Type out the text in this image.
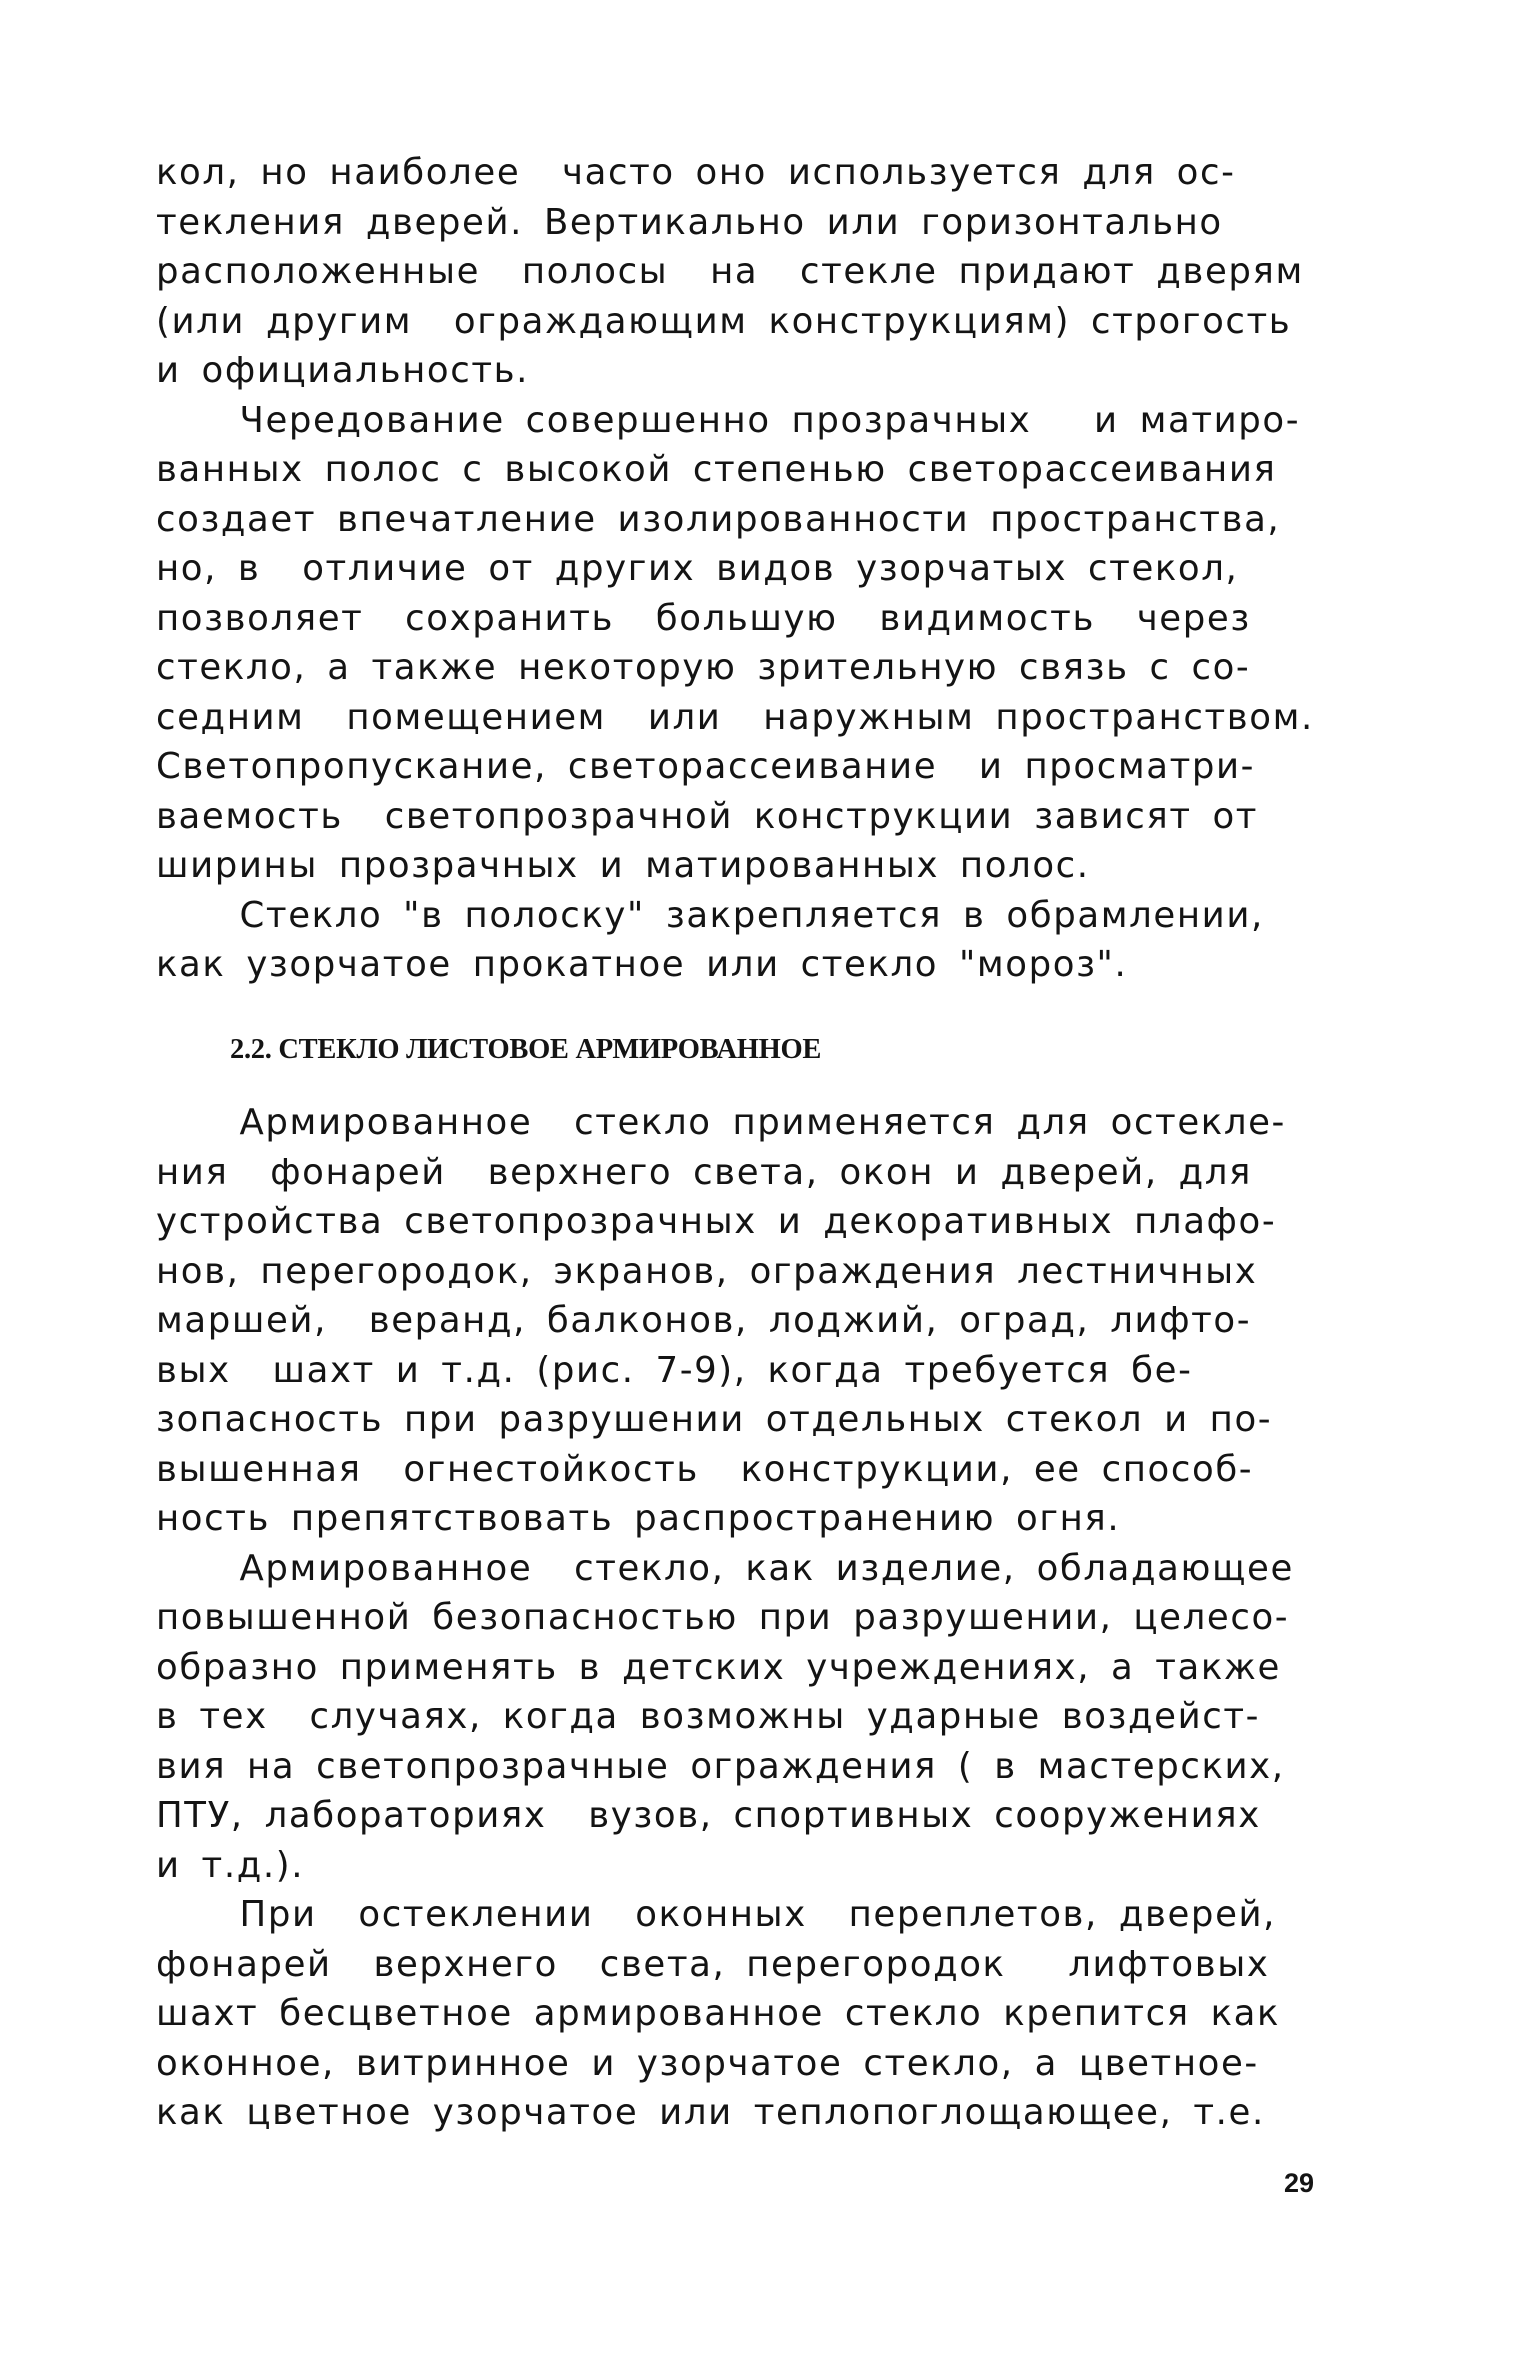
кол, но наиболее  часто оно используется для ос-
текления дверей. Вертикально или горизонтально
расположенные  полосы  на  стекле придают дверям
(или другим  ограждающим конструкциям) строгость
и официальность.
Чередование совершенно прозрачных   и матиро-
ванных полос с высокой степенью светорассеивания
создает впечатление изолированности пространства,
но, в  отличие от других видов узорчатых стекол,
позволяет  сохранить  большую  видимость  через
стекло, а также некоторую зрительную связь с со-
седним  помещением  или  наружным пространством.
Светопропускание, светорассеивание  и просматри-
ваемость  светопрозрачной конструкции зависят от
ширины прозрачных и матированных полос.
Стекло "в полоску" закрепляется в обрамлении,
как узорчатое прокатное или стекло "мороз".
2.2. СТЕКЛО ЛИСТОВОЕ АРМИРОВАННОЕ
Армированное  стекло применяется для остекле-
ния  фонарей  верхнего света, окон и дверей, для
устройства светопрозрачных и декоративных плафо-
нов, перегородок, экранов, ограждения лестничных
маршей,  веранд, балконов, лоджий, оград, лифто-
вых  шахт и т.д. (рис. 7-9), когда требуется бе-
зопасность при разрушении отдельных стекол и по-
вышенная  огнестойкость  конструкции, ее способ-
ность препятствовать распространению огня.
Армированное  стекло, как изделие, обладающее
повышенной безопасностью при разрушении, целесо-
образно применять в детских учреждениях, а также
в тех  случаях, когда возможны ударные воздейст-
вия на светопрозрачные ограждения ( в мастерских,
ПТУ, лабораториях  вузов, спортивных сооружениях
и т.д.).
При  остеклении  оконных  переплетов, дверей,
фонарей  верхнего  света, перегородок   лифтовых
шахт бесцветное армированное стекло крепится как
оконное, витринное и узорчатое стекло, а цветное-
как цветное узорчатое или теплопоглощающее, т.е.
29
